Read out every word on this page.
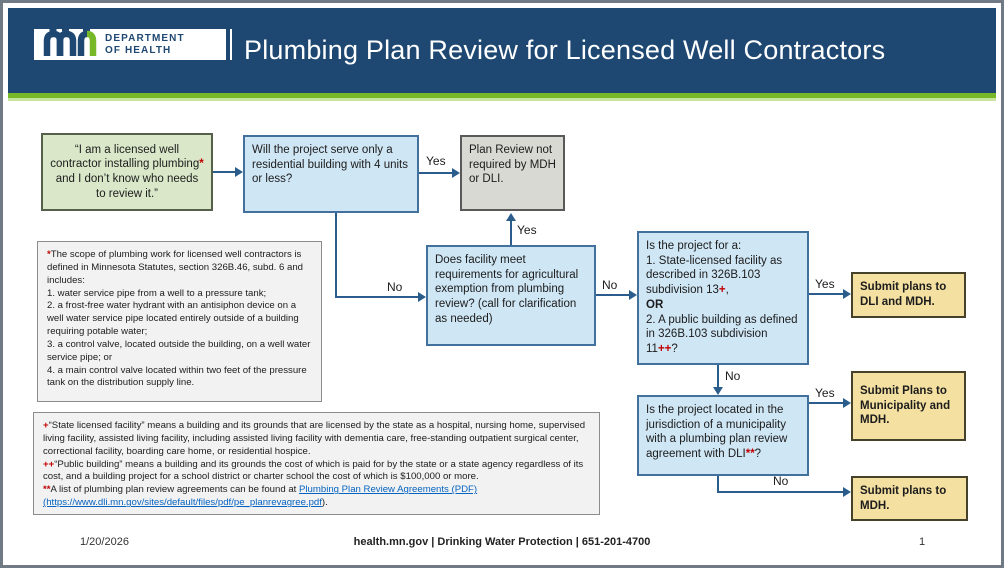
DEPARTMENT
OF HEALTH	Plumbing Plan Review for Licensed Well Contractors
“I am a licensed well contractor installing plumbing* and I don’t know who needs to review it.”
Will the project serve only a residential building with 4 units or less?
Plan Review not required by MDH or DLI.
*The scope of plumbing work for licensed well contractors is defined in Minnesota Statutes, section 326B.46, subd. 6 and includes:
1. water service pipe from a well to a pressure tank;
2. a frost-free water hydrant with an antisiphon device on a well water service pipe located entirely outside of a building requiring potable water;
3. a control valve, located outside the building, on a well water service pipe; or
4. a main control valve located within two feet of the pressure tank on the distribution supply line.
Does facility meet requirements for agricultural exemption from plumbing review? (call for clarification as needed)
Is the project for a:
1. State-licensed facility as described in 326B.103 subdivision 13+,
OR
2. A public building as defined in 326B.103 subdivision 11++?
Submit plans to DLI and MDH.
Is the project located in the jurisdiction of a municipality with a plumbing plan review agreement with DLI**?
Submit Plans to Municipality and MDH.
Submit plans to MDH.
+“State licensed facility” means a building and its grounds that are licensed by the state as a hospital, nursing home, supervised living facility, assisted living facility, including assisted living facility with dementia care, free-standing outpatient surgical center, correctional facility, boarding care home, or residential hospice.
++“Public building” means a building and its grounds the cost of which is paid for by the state or a state agency regardless of its cost, and a building project for a school district or charter school the cost of which is $100,000 or more.
**A list of plumbing plan review agreements can be found at Plumbing Plan Review Agreements (PDF) (https://www.dli.mn.gov/sites/default/files/pdf/pe_planrevagree.pdf).
Yes
No
Yes
No	Yes
No
Yes
No
1/20/2026	health.mn.gov | Drinking Water Protection | 651-201-4700	1
